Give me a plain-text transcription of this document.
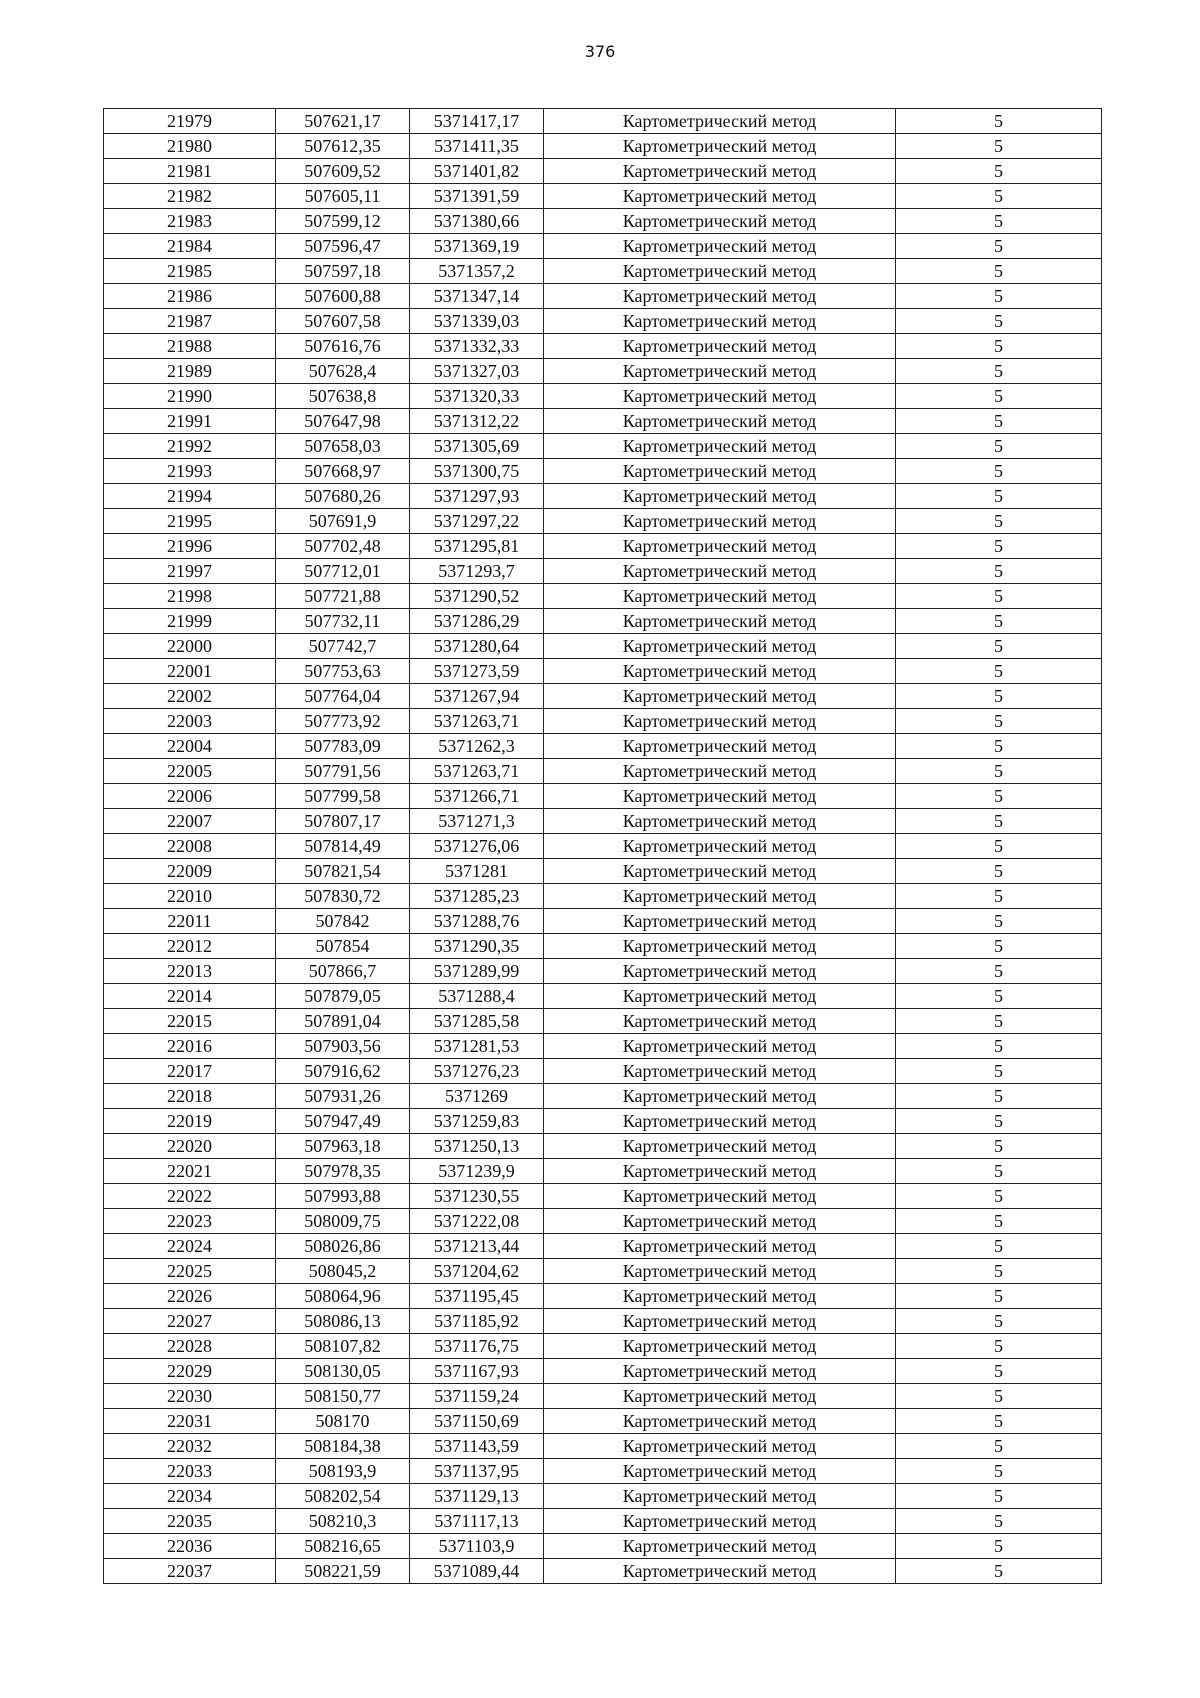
376
21979	507621,17	5371417,17	Картометрический метод	5
21980	507612,35	5371411,35	Картометрический метод	5
21981	507609,52	5371401,82	Картометрический метод	5
21982	507605,11	5371391,59	Картометрический метод	5
21983	507599,12	5371380,66	Картометрический метод	5
21984	507596,47	5371369,19	Картометрический метод	5
21985	507597,18	5371357,2	Картометрический метод	5
21986	507600,88	5371347,14	Картометрический метод	5
21987	507607,58	5371339,03	Картометрический метод	5
21988	507616,76	5371332,33	Картометрический метод	5
21989	507628,4	5371327,03	Картометрический метод	5
21990	507638,8	5371320,33	Картометрический метод	5
21991	507647,98	5371312,22	Картометрический метод	5
21992	507658,03	5371305,69	Картометрический метод	5
21993	507668,97	5371300,75	Картометрический метод	5
21994	507680,26	5371297,93	Картометрический метод	5
21995	507691,9	5371297,22	Картометрический метод	5
21996	507702,48	5371295,81	Картометрический метод	5
21997	507712,01	5371293,7	Картометрический метод	5
21998	507721,88	5371290,52	Картометрический метод	5
21999	507732,11	5371286,29	Картометрический метод	5
22000	507742,7	5371280,64	Картометрический метод	5
22001	507753,63	5371273,59	Картометрический метод	5
22002	507764,04	5371267,94	Картометрический метод	5
22003	507773,92	5371263,71	Картометрический метод	5
22004	507783,09	5371262,3	Картометрический метод	5
22005	507791,56	5371263,71	Картометрический метод	5
22006	507799,58	5371266,71	Картометрический метод	5
22007	507807,17	5371271,3	Картометрический метод	5
22008	507814,49	5371276,06	Картометрический метод	5
22009	507821,54	5371281	Картометрический метод	5
22010	507830,72	5371285,23	Картометрический метод	5
22011	507842	5371288,76	Картометрический метод	5
22012	507854	5371290,35	Картометрический метод	5
22013	507866,7	5371289,99	Картометрический метод	5
22014	507879,05	5371288,4	Картометрический метод	5
22015	507891,04	5371285,58	Картометрический метод	5
22016	507903,56	5371281,53	Картометрический метод	5
22017	507916,62	5371276,23	Картометрический метод	5
22018	507931,26	5371269	Картометрический метод	5
22019	507947,49	5371259,83	Картометрический метод	5
22020	507963,18	5371250,13	Картометрический метод	5
22021	507978,35	5371239,9	Картометрический метод	5
22022	507993,88	5371230,55	Картометрический метод	5
22023	508009,75	5371222,08	Картометрический метод	5
22024	508026,86	5371213,44	Картометрический метод	5
22025	508045,2	5371204,62	Картометрический метод	5
22026	508064,96	5371195,45	Картометрический метод	5
22027	508086,13	5371185,92	Картометрический метод	5
22028	508107,82	5371176,75	Картометрический метод	5
22029	508130,05	5371167,93	Картометрический метод	5
22030	508150,77	5371159,24	Картометрический метод	5
22031	508170	5371150,69	Картометрический метод	5
22032	508184,38	5371143,59	Картометрический метод	5
22033	508193,9	5371137,95	Картометрический метод	5
22034	508202,54	5371129,13	Картометрический метод	5
22035	508210,3	5371117,13	Картометрический метод	5
22036	508216,65	5371103,9	Картометрический метод	5
22037	508221,59	5371089,44	Картометрический метод	5
